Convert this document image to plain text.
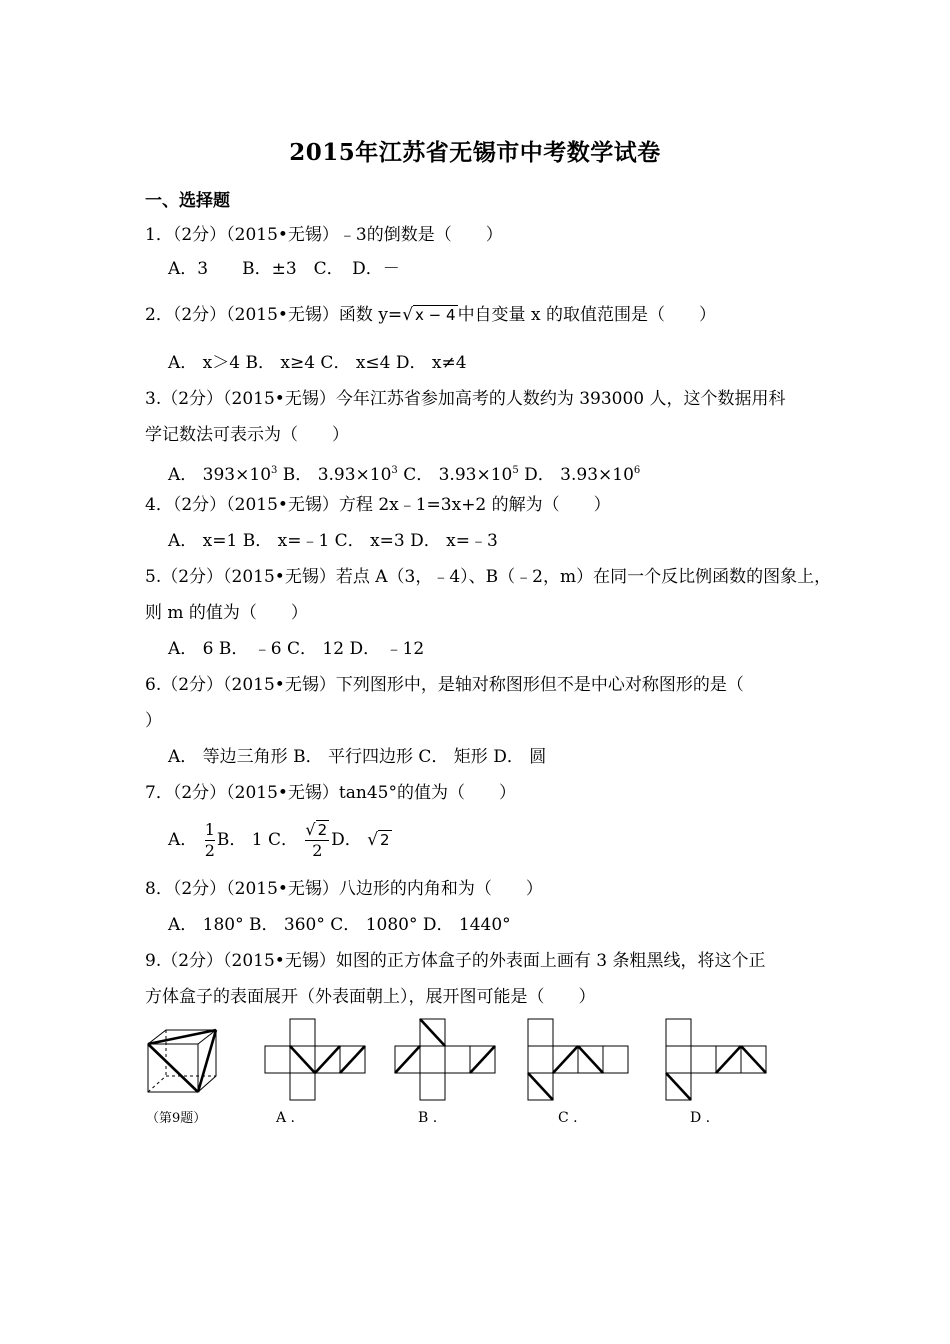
2015年江苏省无锡市中考数学试卷
一、选择题
1．（2分）（2015•无锡）﹣3的倒数是（　　）
A．3　　B．±3　C．　D．－
2．（2分）（2015•无锡）函数 y=√ x − 4 中自变量 x 的取值范围是（　　）
A． x＞4 B． x≥4 C． x≤4 D． x≠4
3.（2分）（2015•无锡）今年江苏省参加高考的人数约为 393000 人，这个数据用科
学记数法可表示为（　　）
A． $393\times 10^3$ B． $3.93\times 10^3$ C． $3.93\times 10^5$ D． $3.93\times 10^6$
4．（2分）（2015•无锡）方程 2x﹣1=3x+2 的解为（　　）
A． x=1 B． x=﹣1 C． x=3 D． x=﹣3
5.（2分）（2015•无锡）若点 A（3，﹣4）、B（﹣2，m）在同一个反比例函数的图象上，
则 m 的值为（　　）
A． 6 B． ﹣6 C． 12 D． ﹣12
6.（2分）（2015•无锡）下列图形中，是轴对称图形但不是中心对称图形的是（
）
A． 等边三角形 B． 平行四边形 C． 矩形 D． 圆
7．（2分）（2015•无锡）tan45°的值为（　　）
A． $\frac{1}{2}$ B． 1 C． $\frac{√ 2}{2}$ D． √ 2
8．（2分）（2015•无锡）八边形的内角和为（　　）
A． 180° B． 360° C． 1080° D． 1440°
9.（2分）（2015•无锡）如图的正方体盒子的外表面上画有 3 条粗黑线，将这个正
方体盒子的表面展开（外表面朝上），展开图可能是（　　）
（第9题）	A .	B .	C .	D .
